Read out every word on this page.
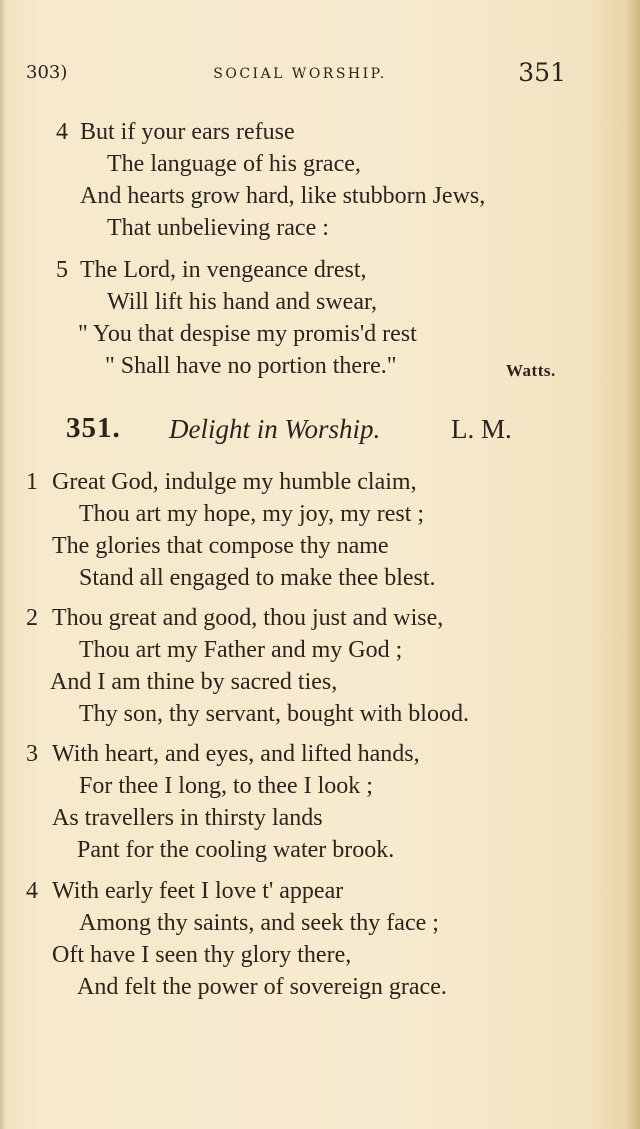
303)	SOCIAL WORSHIP.	351
4 But if your ears refuse
The language of his grace,
And hearts grow hard, like stubborn Jews,
That unbelieving race :
5 The Lord, in vengeance drest,
Will lift his hand and swear,
" You that despise my promis'd rest
" Shall have no portion there."	Watts.
351. Delight in Worship.	L. M.
1 Great God, indulge my humble claim,
Thou art my hope, my joy, my rest ;
The glories that compose thy name
Stand all engaged to make thee blest.
2 Thou great and good, thou just and wise,
Thou art my Father and my God ;
And I am thine by sacred ties,
Thy son, thy servant, bought with blood.
3 With heart, and eyes, and lifted hands,
For thee I long, to thee I look ;
As travellers in thirsty lands
Pant for the cooling water brook.
4 With early feet I love t' appear
Among thy saints, and seek thy face ;
Oft have I seen thy glory there,
And felt the power of sovereign grace.
